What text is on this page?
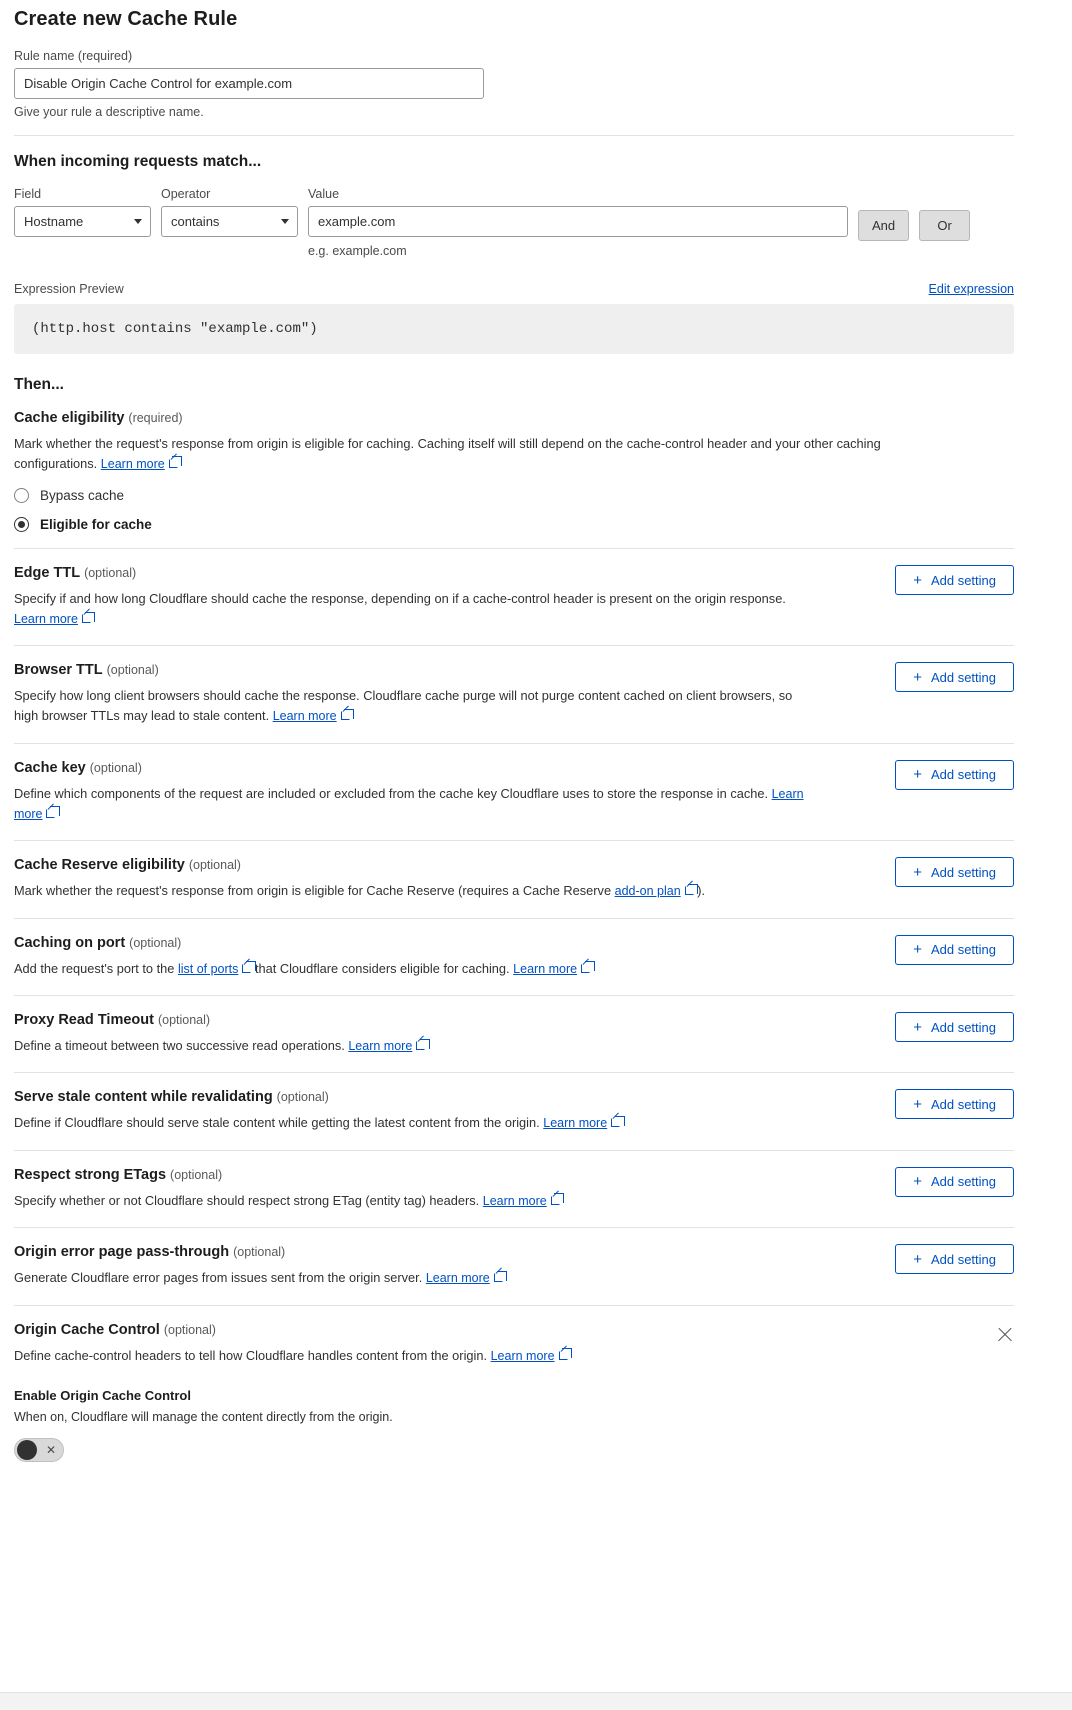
Create new Cache Rule
Rule name (required)
Disable Origin Cache Control for example.com
Give your rule a descriptive name.
When incoming requests match...
Field
Hostname
Operator
contains
Value
example.com
e.g. example.com
And	Or
Expression Preview	Edit expression
(http.host contains "example.com")
Then...
Cache eligibility (required)
Mark whether the request's response from origin is eligible for caching. Caching itself will still depend on the cache-control header and your other caching configurations. Learn more
Bypass cache
Eligible for cache
Edge TTL (optional)
Specify if and how long Cloudflare should cache the response, depending on if a cache-control header is present on the origin response. Learn more
+ Add setting
Browser TTL (optional)
Specify how long client browsers should cache the response. Cloudflare cache purge will not purge content cached on client browsers, so high browser TTLs may lead to stale content. Learn more
+ Add setting
Cache key (optional)
Define which components of the request are included or excluded from the cache key Cloudflare uses to store the response in cache. Learn more
+ Add setting
Cache Reserve eligibility (optional)
Mark whether the request's response from origin is eligible for Cache Reserve (requires a Cache Reserve add-on plan ).
+ Add setting
Caching on port (optional)
Add the request's port to the list of ports that Cloudflare considers eligible for caching. Learn more
+ Add setting
Proxy Read Timeout (optional)
Define a timeout between two successive read operations. Learn more
+ Add setting
Serve stale content while revalidating (optional)
Define if Cloudflare should serve stale content while getting the latest content from the origin. Learn more
+ Add setting
Respect strong ETags (optional)
Specify whether or not Cloudflare should respect strong ETag (entity tag) headers. Learn more
+ Add setting
Origin error page pass-through (optional)
Generate Cloudflare error pages from issues sent from the origin server. Learn more
+ Add setting
Origin Cache Control (optional)
Define cache-control headers to tell how Cloudflare handles content from the origin. Learn more
Enable Origin Cache Control
When on, Cloudflare will manage the content directly from the origin.
✕
